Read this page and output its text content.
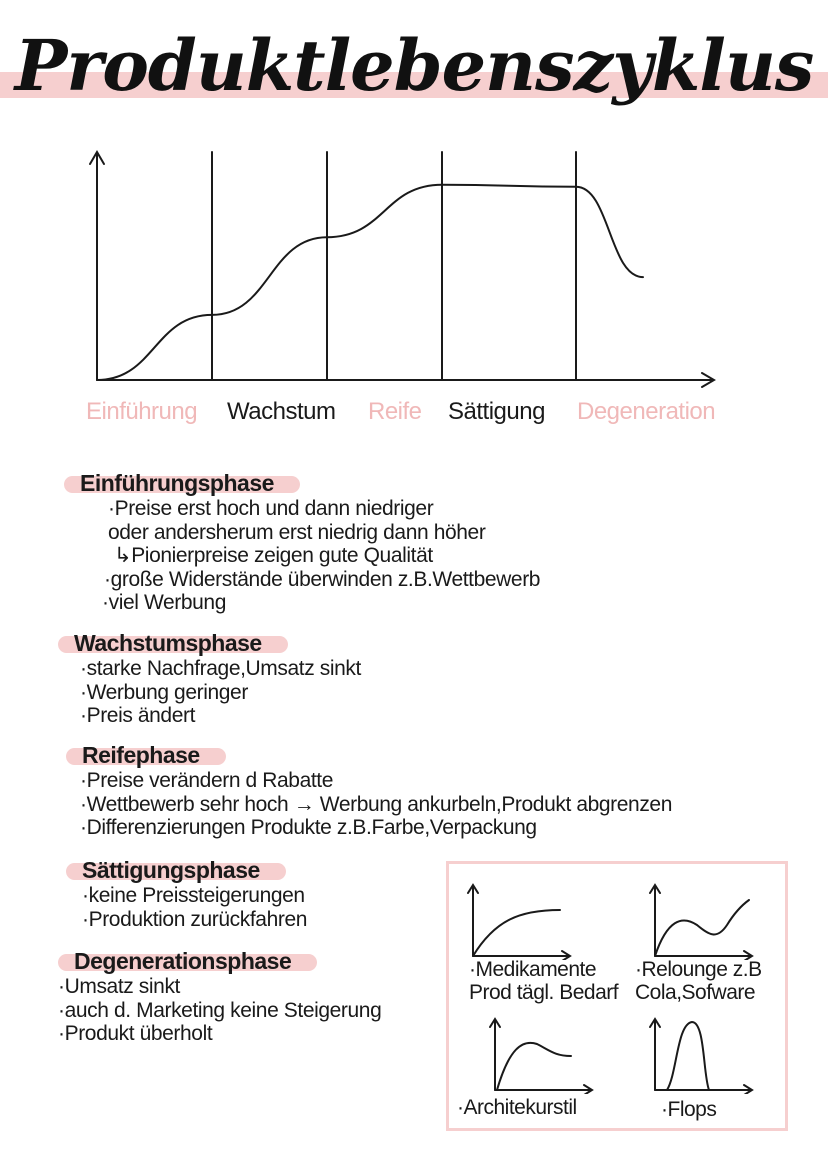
Produktlebenszyklus
Einführung Wachstum Reife Sättigung Degeneration
Einführungsphase
·Preise erst hoch und dann niedriger
oder andersherum erst niedrig dann höher
↳Pionierpreise zeigen gute Qualität
·große Widerstände überwinden z.B.Wettbewerb
·viel Werbung
Wachstumsphase
·starke Nachfrage,Umsatz sinkt
·Werbung geringer
·Preis ändert
Reifephase
·Preise verändern d Rabatte
·Wettbewerb sehr hoch → Werbung ankurbeln,Produkt abgrenzen
·Differenzierungen Produkte z.B.Farbe,Verpackung
Sättigungsphase
·keine Preissteigerungen
·Produktion zurückfahren
Degenerationsphase
·Umsatz sinkt
·auch d. Marketing keine Steigerung
·Produkt überholt
·Medikamente
Prod tägl. Bedarf
·Relounge z.B
Cola,Sofware
·Architekurstil	·Flops
